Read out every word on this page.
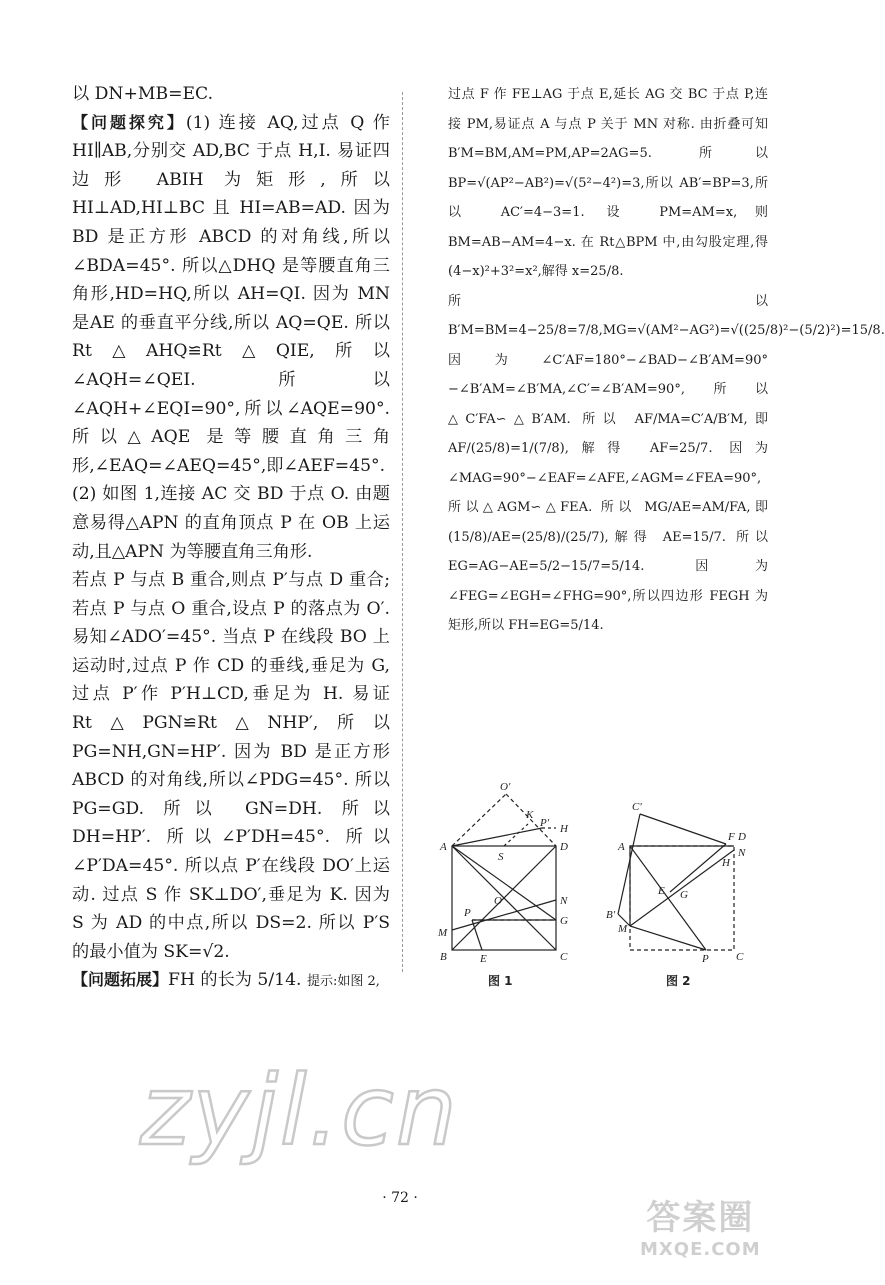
以 DN+MB=EC.

【问题探究】(1) 连接 AQ,过点 Q 作 HI∥AB,分别交 AD,BC 于点 H,I. 易证四边形 ABIH 为矩形,所以 HI⊥AD,HI⊥BC 且 HI=AB=AD. 因为 BD 是正方形 ABCD 的对角线,所以∠BDA=45°. 所以△DHQ 是等腰直角三角形,HD=HQ,所以 AH=QI. 因为 MN 是AE 的垂直平分线,所以 AQ=QE. 所以 Rt△AHQ≌Rt△QIE,所以∠AQH=∠QEI. 所以∠AQH+∠EQI=90°,所以∠AQE=90°. 所以△AQE 是等腰直角三角形,∠EAQ=∠AEQ=45°,即∠AEF=45°.

(2) 如图 1,连接 AC 交 BD 于点 O. 由题意易得△APN 的直角顶点 P 在 OB 上运动,且△APN 为等腰直角三角形.

若点 P 与点 B 重合,则点 P′与点 D 重合;若点 P 与点 O 重合,设点 P 的落点为 O′. 易知∠ADO′=45°. 当点 P 在线段 BO 上运动时,过点 P 作 CD 的垂线,垂足为 G,过点 P′作 P′H⊥CD,垂足为 H. 易证 Rt△PGN≌Rt△NHP′,所以 PG=NH,GN=HP′. 因为 BD 是正方形 ABCD 的对角线,所以∠PDG=45°. 所以 PG=GD. 所以 GN=DH. 所以 DH=HP′. 所以∠P′DH=45°. 所以∠P′DA=45°. 所以点 P′在线段 DO′上运动. 过点 S 作 SK⊥DO′,垂足为 K. 因为 S 为 AD 的中点,所以 DS=2. 所以 P′S 的最小值为 SK=√2.

【问题拓展】FH 的长为 5/14. 提示:如图 2,

过点 F 作 FE⊥AG 于点 E,延长 AG 交 BC 于点 P,连接 PM,易证点 A 与点 P 关于 MN 对称. 由折叠可知 B′M=BM,AM=PM,AP=2AG=5. 所以 BP=√(AP²−AB²)=√(5²−4²)=3,所以 AB′=BP=3,所以 AC′=4−3=1. 设 PM=AM=x,则 BM=AB−AM=4−x. 在 Rt△BPM 中,由勾股定理,得(4−x)²+3²=x²,解得 x=25/8.

所以 B′M=BM=4−25/8=7/8,MG=√(AM²−AG²)=√((25/8)²−(5/2)²)=15/8. 因为∠C′AF=180°−∠BAD−∠B′AM=90°−∠B′AM=∠B′MA,∠C′=∠B′AM=90°,所以△C′FA∽△B′AM. 所以 AF/MA=C′A/B′M,即 AF/(25/8)=1/(7/8),解得 AF=25/7. 因为∠MAG=90°−∠EAF=∠AFE,∠AGM=∠FEA=90°,所以△AGM∽△FEA. 所以 MG/AE=AM/FA,即 (15/8)/AE=(25/8)/(25/7),解得 AE=15/7. 所以 EG=AG−AE=5/2−15/7=5/14. 因为∠FEG=∠EGH=∠FHG=90°,所以四边形 FEGH 为矩形,所以 FH=EG=5/14.

O′
K
P′ H
A
S
D
O	N
M
P
G
B	E	C
图 1
C′
F D
A	N
H
E G
B′
M
P C
图 2
zyjl.cn
· 72 ·	答案圈
MXQE.COM
